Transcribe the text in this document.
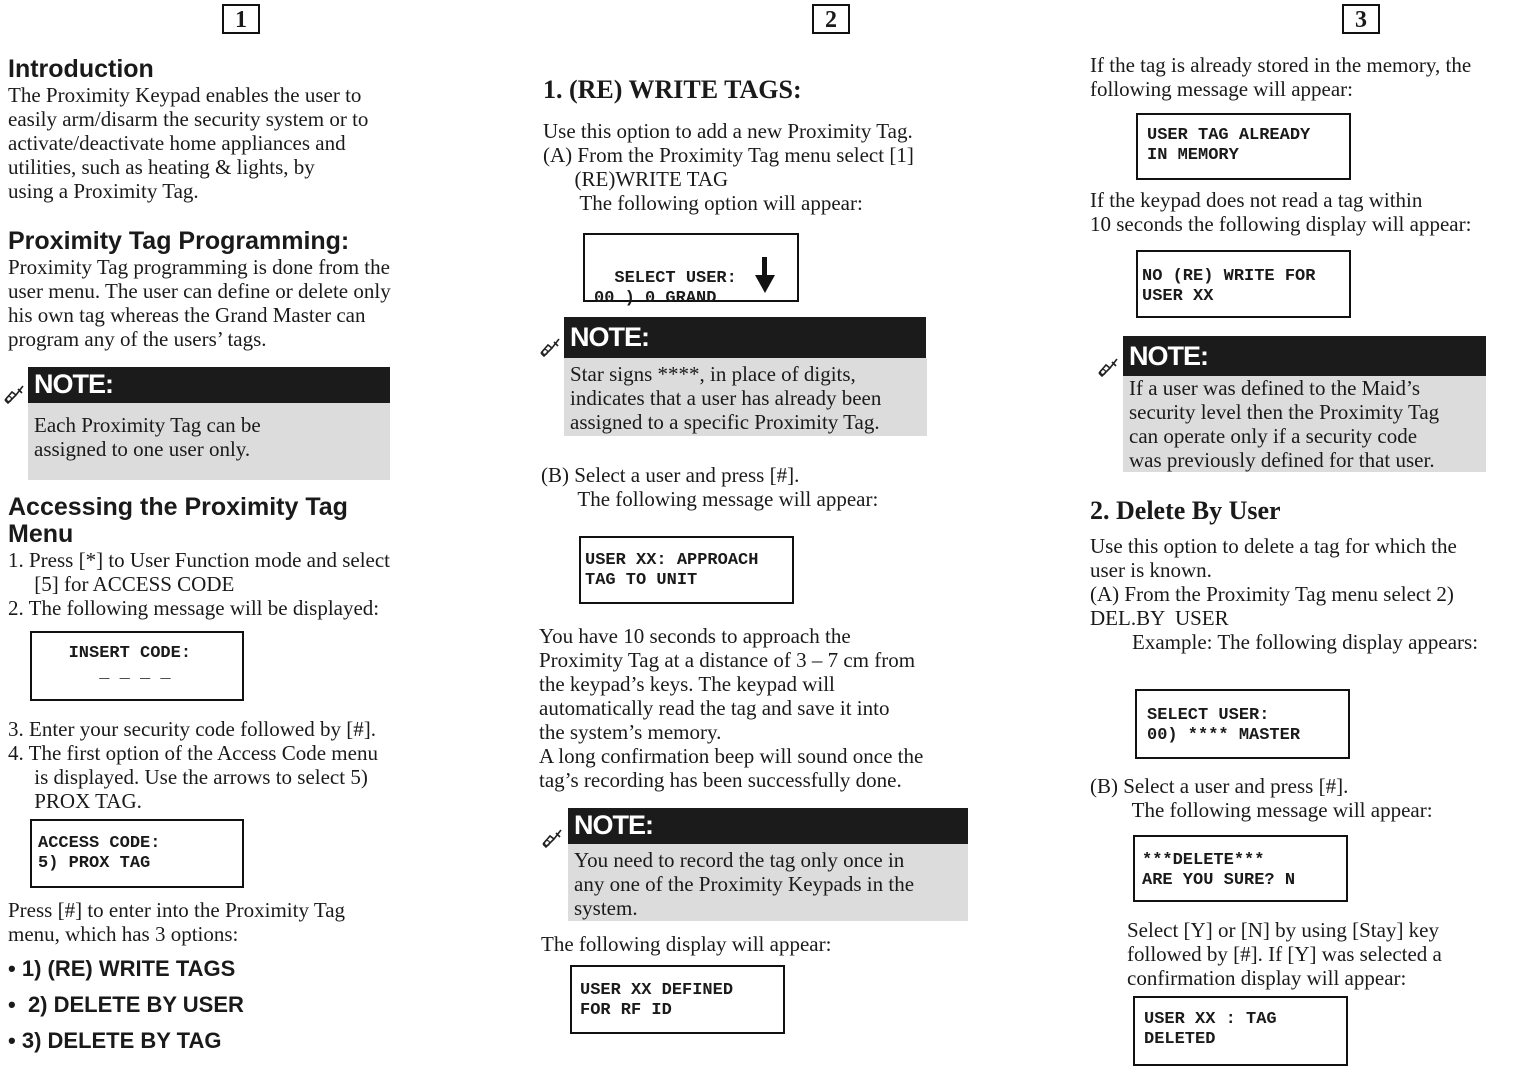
1	2	3
Introduction
The Proximity Keypad enables the user to
easily arm/disarm the security system or to
activate/deactivate home appliances and
utilities, such as heating & lights, by
using a Proximity Tag.
Proximity Tag Programming:
Proximity Tag programming is done from the
user menu. The user can define or delete only
his own tag whereas the Grand Master can
program any of the users’ tags.
NOTE:
Each Proximity Tag can be
assigned to one user only.
Accessing the Proximity Tag
Menu
1. Press [*] to User Function mode and select
[5] for ACCESS CODE
2. The following message will be displayed:
INSERT CODE:
_ _ _ _
3. Enter your security code followed by [#].
4. The first option of the Access Code menu
is displayed. Use the arrows to select 5)
PROX TAG.
ACCESS CODE:
5) PROX TAG
Press [#] to enter into the Proximity Tag
menu, which has 3 options:
• 1) (RE) WRITE TAGS
•  2) DELETE BY USER
• 3) DELETE BY TAG
1. (RE) WRITE TAGS:
Use this option to add a new Proximity Tag.
(A) From the Proximity Tag menu select [1]
(RE)WRITE TAG
The following option will appear:

SELECT USER:
00 ) 0 GRAND

NOTE:
Star signs ****, in place of digits,
indicates that a user has already been
assigned to a specific Proximity Tag.
(B) Select a user and press [#].
The following message will appear:
USER XX: APPROACH
TAG TO UNIT
You have 10 seconds to approach the
Proximity Tag at a distance of 3 – 7 cm from
the keypad’s keys. The keypad will
automatically read the tag and save it into
the system’s memory.
A long confirmation beep will sound once the
tag’s recording has been successfully done.
NOTE:
You need to record the tag only once in
any one of the Proximity Keypads in the
system.
The following display will appear:
USER XX DEFINED
FOR RF ID
If the tag is already stored in the memory, the
following message will appear:
USER TAG ALREADY
IN MEMORY
If the keypad does not read a tag within
10 seconds the following display will appear:
NO (RE) WRITE FOR
USER XX
NOTE:
If a user was defined to the Maid’s
security level then the Proximity Tag
can operate only if a security code
was previously defined for that user.
2. Delete By User
Use this option to delete a tag for which the
user is known.
(A) From the Proximity Tag menu select 2)
DEL.BY  USER
Example: The following display appears:
SELECT USER:
00) **** MASTER
(B) Select a user and press [#].
The following message will appear:
***DELETE***
ARE YOU SURE? N
Select [Y] or [N] by using [Stay] key
followed by [#]. If [Y] was selected a
confirmation display will appear:
USER XX : TAG
DELETED
